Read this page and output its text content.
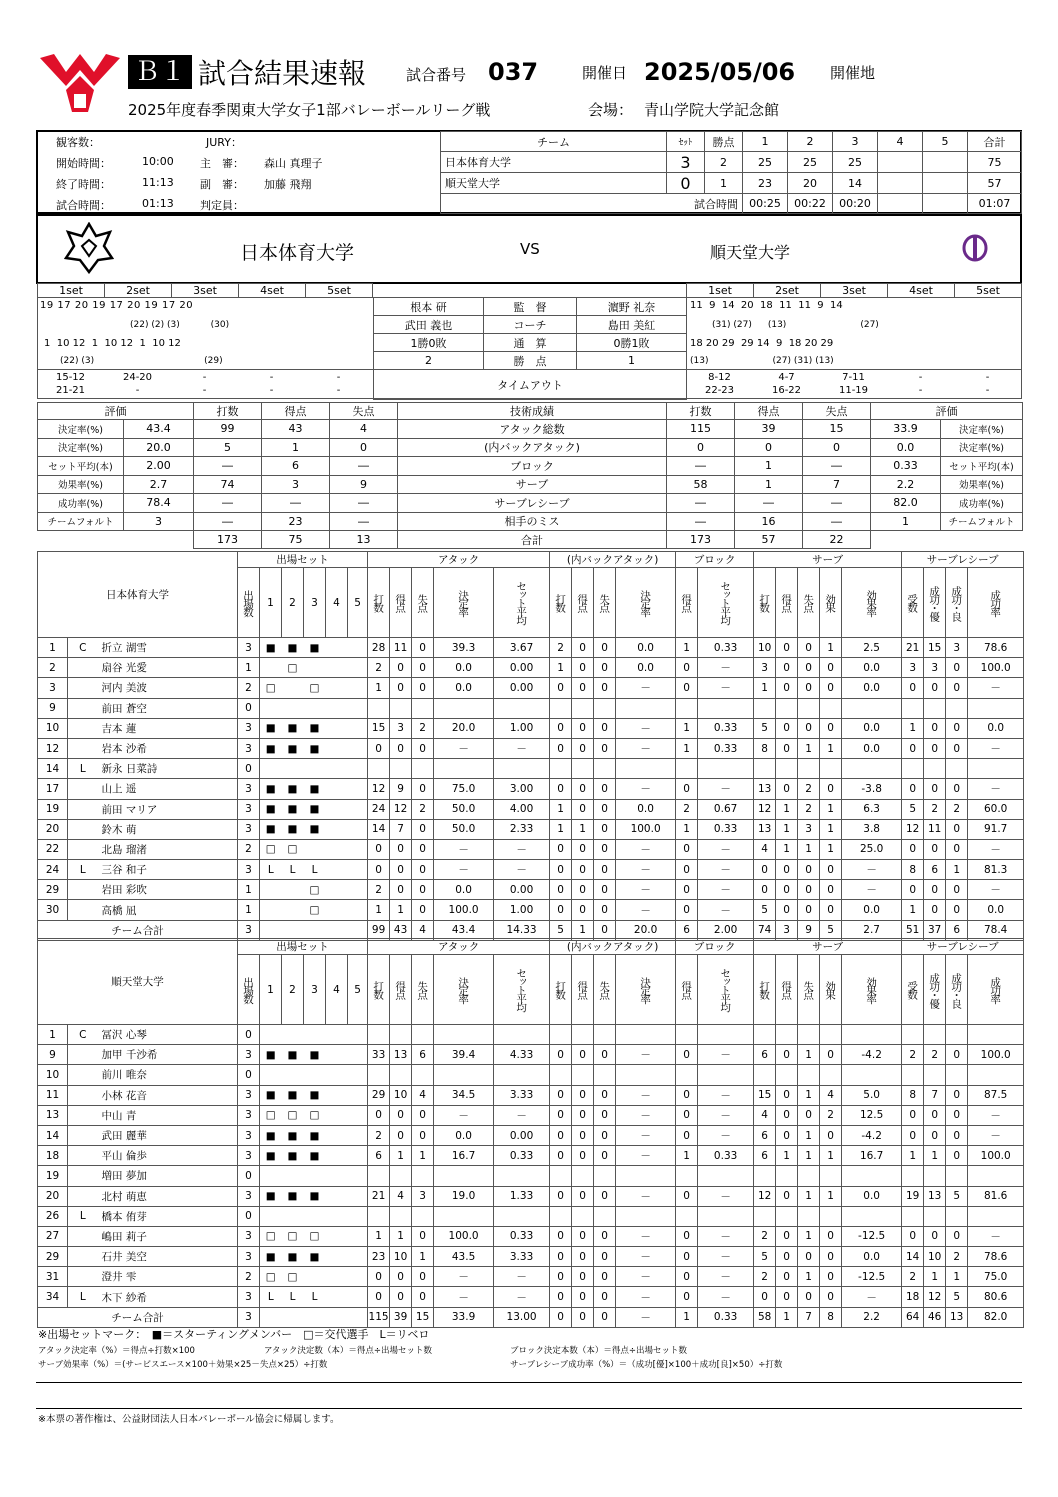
Ｂ１ 試合結果速報	試合番号 037	開催日 2025/05/06 開催地
2025年度春季関東大学女子1部バレーボールリーグ戦	会場： 青山学院大学記念館
観客数：	JURY：
開始時間：	10:00 主　審： 森山 真理子
終了時間：	11:13 副　審： 加藤 飛翔
試合時間：	01:13 判定員：
チーム	ｾｯﾄ	勝点	1	2	3	4	5	合計
日本体育大学	3	2	25	25	25			75
順天堂大学	0	1	23	20	14			57
試合時間			00:25	00:22	00:20			01:07
日本体育大学	VS	順天堂大学
1set	2set	3set	4set	5set	1set	2set	3set	4set	5set
19 17 20 19 17 20 19 17 20
(22) (2) (3)	(30)
1 10 12 1 10 12 1 10 12
(22) (3)	(29)
15-12	24-20	-	-	-
21-21	-	-	-	-
根本 研	監　督	濵野 礼奈
武田 義也	コーチ	島田 美紅
1勝0敗	通　算	0勝1敗
2	勝　点	1
タイムアウト		
11 9 14 20 18 11 11 9 14
(31) (27) (13)	(27)
18 20 29 29 14 9 18 20 29
(13)	(27) (31) (13)
8-12	4-7	7-11	-	-
22-23	16-22	11-19	-	-
評価		打数	得点	失点	技術成績	打数	得点	失点	評価	
決定率(%)	43.4	99	43	4	アタック総数	115	39	15	33.9	決定率(%)
決定率(%)	20.0	5	1	0	(内バックアタック)	0	0	0	0.0	決定率(%)
セット平均(本)	2.00	―	6	―	ブロック	―	1	―	0.33	セット平均(本)
効果率(%)	2.7	74	3	9	サーブ	58	1	7	2.2	効果率(%)
成功率(%)	78.4	―	―	―	サーブレシーブ	―	―	―	82.0	成功率(%)
チームフォルト	3	―	23	―	相手のミス	―	16	―	1	チームフォルト
		173	75	13	合計	173	57	22		
日本体育大学			出場セット						アタック					(内バックアタック)				ブロック		サーブ					サーブレシーブ			
			出場数	1	2	3	4	5	打数	得点	失点	決定率	セット平均	打数	得点	失点	決定率	得点	セット平均	打数	得点	失点	効果	効果率	受数	成功・優	成功・良	成功率
1	C	折立 湖雪	3	■	■	■			28	11	0	39.3	3.67	2	0	0	0.0	1	0.33	10	0	0	1	2.5	21	15	3	78.6
2		扇谷 光愛	1		□				2	0	0	0.0	0.00	1	0	0	0.0	0	－	3	0	0	0	0.0	3	3	0	100.0
3		河内 美波	2	□		□			1	0	0	0.0	0.00	0	0	0	－	0	－	1	0	0	0	0.0	0	0	0	－
9		前田 蒼空	0																									
10		吉本 蓮	3	■	■	■			15	3	2	20.0	1.00	0	0	0	－	1	0.33	5	0	0	0	0.0	1	0	0	0.0
12		岩本 沙希	3	■	■	■			0	0	0	－	－	0	0	0	－	1	0.33	8	0	1	1	0.0	0	0	0	－
14	L	新永 日菜詩	0																									
17		山上 遥	3	■	■	■			12	9	0	75.0	3.00	0	0	0	－	0	－	13	0	2	0	-3.8	0	0	0	－
19		前田 マリア	3	■	■	■			24	12	2	50.0	4.00	1	0	0	0.0	2	0.67	12	1	2	1	6.3	5	2	2	60.0
20		鈴木 萌	3	■	■	■			14	7	0	50.0	2.33	1	1	0	100.0	1	0.33	13	1	3	1	3.8	12	11	0	91.7
22		北島 瑠渚	2	□	□				0	0	0	－	－	0	0	0	－	0	－	4	1	1	1	25.0	0	0	0	－
24	L	三谷 和子	3	L	L	L			0	0	0	－	－	0	0	0	－	0	－	0	0	0	0	－	8	6	1	81.3
29		岩田 彩吹	1			□			2	0	0	0.0	0.00	0	0	0	－	0	－	0	0	0	0	－	0	0	0	－
30		高橋 凪	1			□			1	1	0	100.0	1.00	0	0	0	－	0	－	5	0	0	0	0.0	1	0	0	0.0
チーム合計			3						99	43	4	43.4	14.33	5	1	0	20.0	6	2.00	74	3	9	5	2.7	51	37	6	78.4
順天堂大学			出場セット						アタック					(内バックアタック)				ブロック		サーブ					サーブレシーブ			
			出場数	1	2	3	4	5	打数	得点	失点	決定率	セット平均	打数	得点	失点	決定率	得点	セット平均	打数	得点	失点	効果	効果率	受数	成功・優	成功・良	成功率
1	C	冨沢 心琴	0																									
9		加甲 千沙希	3	■	■	■			33	13	6	39.4	4.33	0	0	0	－	0	－	6	0	1	0	-4.2	2	2	0	100.0
10		前川 唯奈	0																									
11		小林 花音	3	■	■	■			29	10	4	34.5	3.33	0	0	0	－	0	－	15	0	1	4	5.0	8	7	0	87.5
13		中山 青	3	□	□	□			0	0	0	－	－	0	0	0	－	0	－	4	0	0	2	12.5	0	0	0	－
14		武田 麗華	3	■	■	■			2	0	0	0.0	0.00	0	0	0	－	0	－	6	0	1	0	-4.2	0	0	0	－
18		平山 倫歩	3	■	■	■			6	1	1	16.7	0.33	0	0	0	－	1	0.33	6	1	1	1	16.7	1	1	0	100.0
19		増田 夢加	0																									
20		北村 萌恵	3	■	■	■			21	4	3	19.0	1.33	0	0	0	－	0	－	12	0	1	1	0.0	19	13	5	81.6
26	L	橋本 侑芽	0																									
27		嶋田 莉子	3	□	□	□			1	1	0	100.0	0.33	0	0	0	－	0	－	2	0	1	0	-12.5	0	0	0	－
29		石井 美空	3	■	■	■			23	10	1	43.5	3.33	0	0	0	－	0	－	5	0	0	0	0.0	14	10	2	78.6
31		澄井 雫	2	□	□				0	0	0	－	－	0	0	0	－	0	－	2	0	1	0	-12.5	2	1	1	75.0
34	L	木下 紗希	3	L	L	L			0	0	0	－	－	0	0	0	－	0	－	0	0	0	0	－	18	12	5	80.6
チーム合計			3						115	39	15	33.9	13.00	0	0	0	－	1	0.33	58	1	7	8	2.2	64	46	13	82.0
※出場セットマーク：　■＝スターティングメンバー　□＝交代選手　L＝リベロ
アタック決定率（%）＝得点÷打数×100	アタック決定数（本）＝得点÷出場セット数	ブロック決定本数（本）＝得点÷出場セット数
サーブ効果率（%）＝(サービスエース×100＋効果×25－失点×25）÷打数	サーブレシーブ成功率（%）＝（成功[優]×100＋成功[良]×50）÷打数
※本票の著作権は、公益財団法人日本バレーボール協会に帰属します。
